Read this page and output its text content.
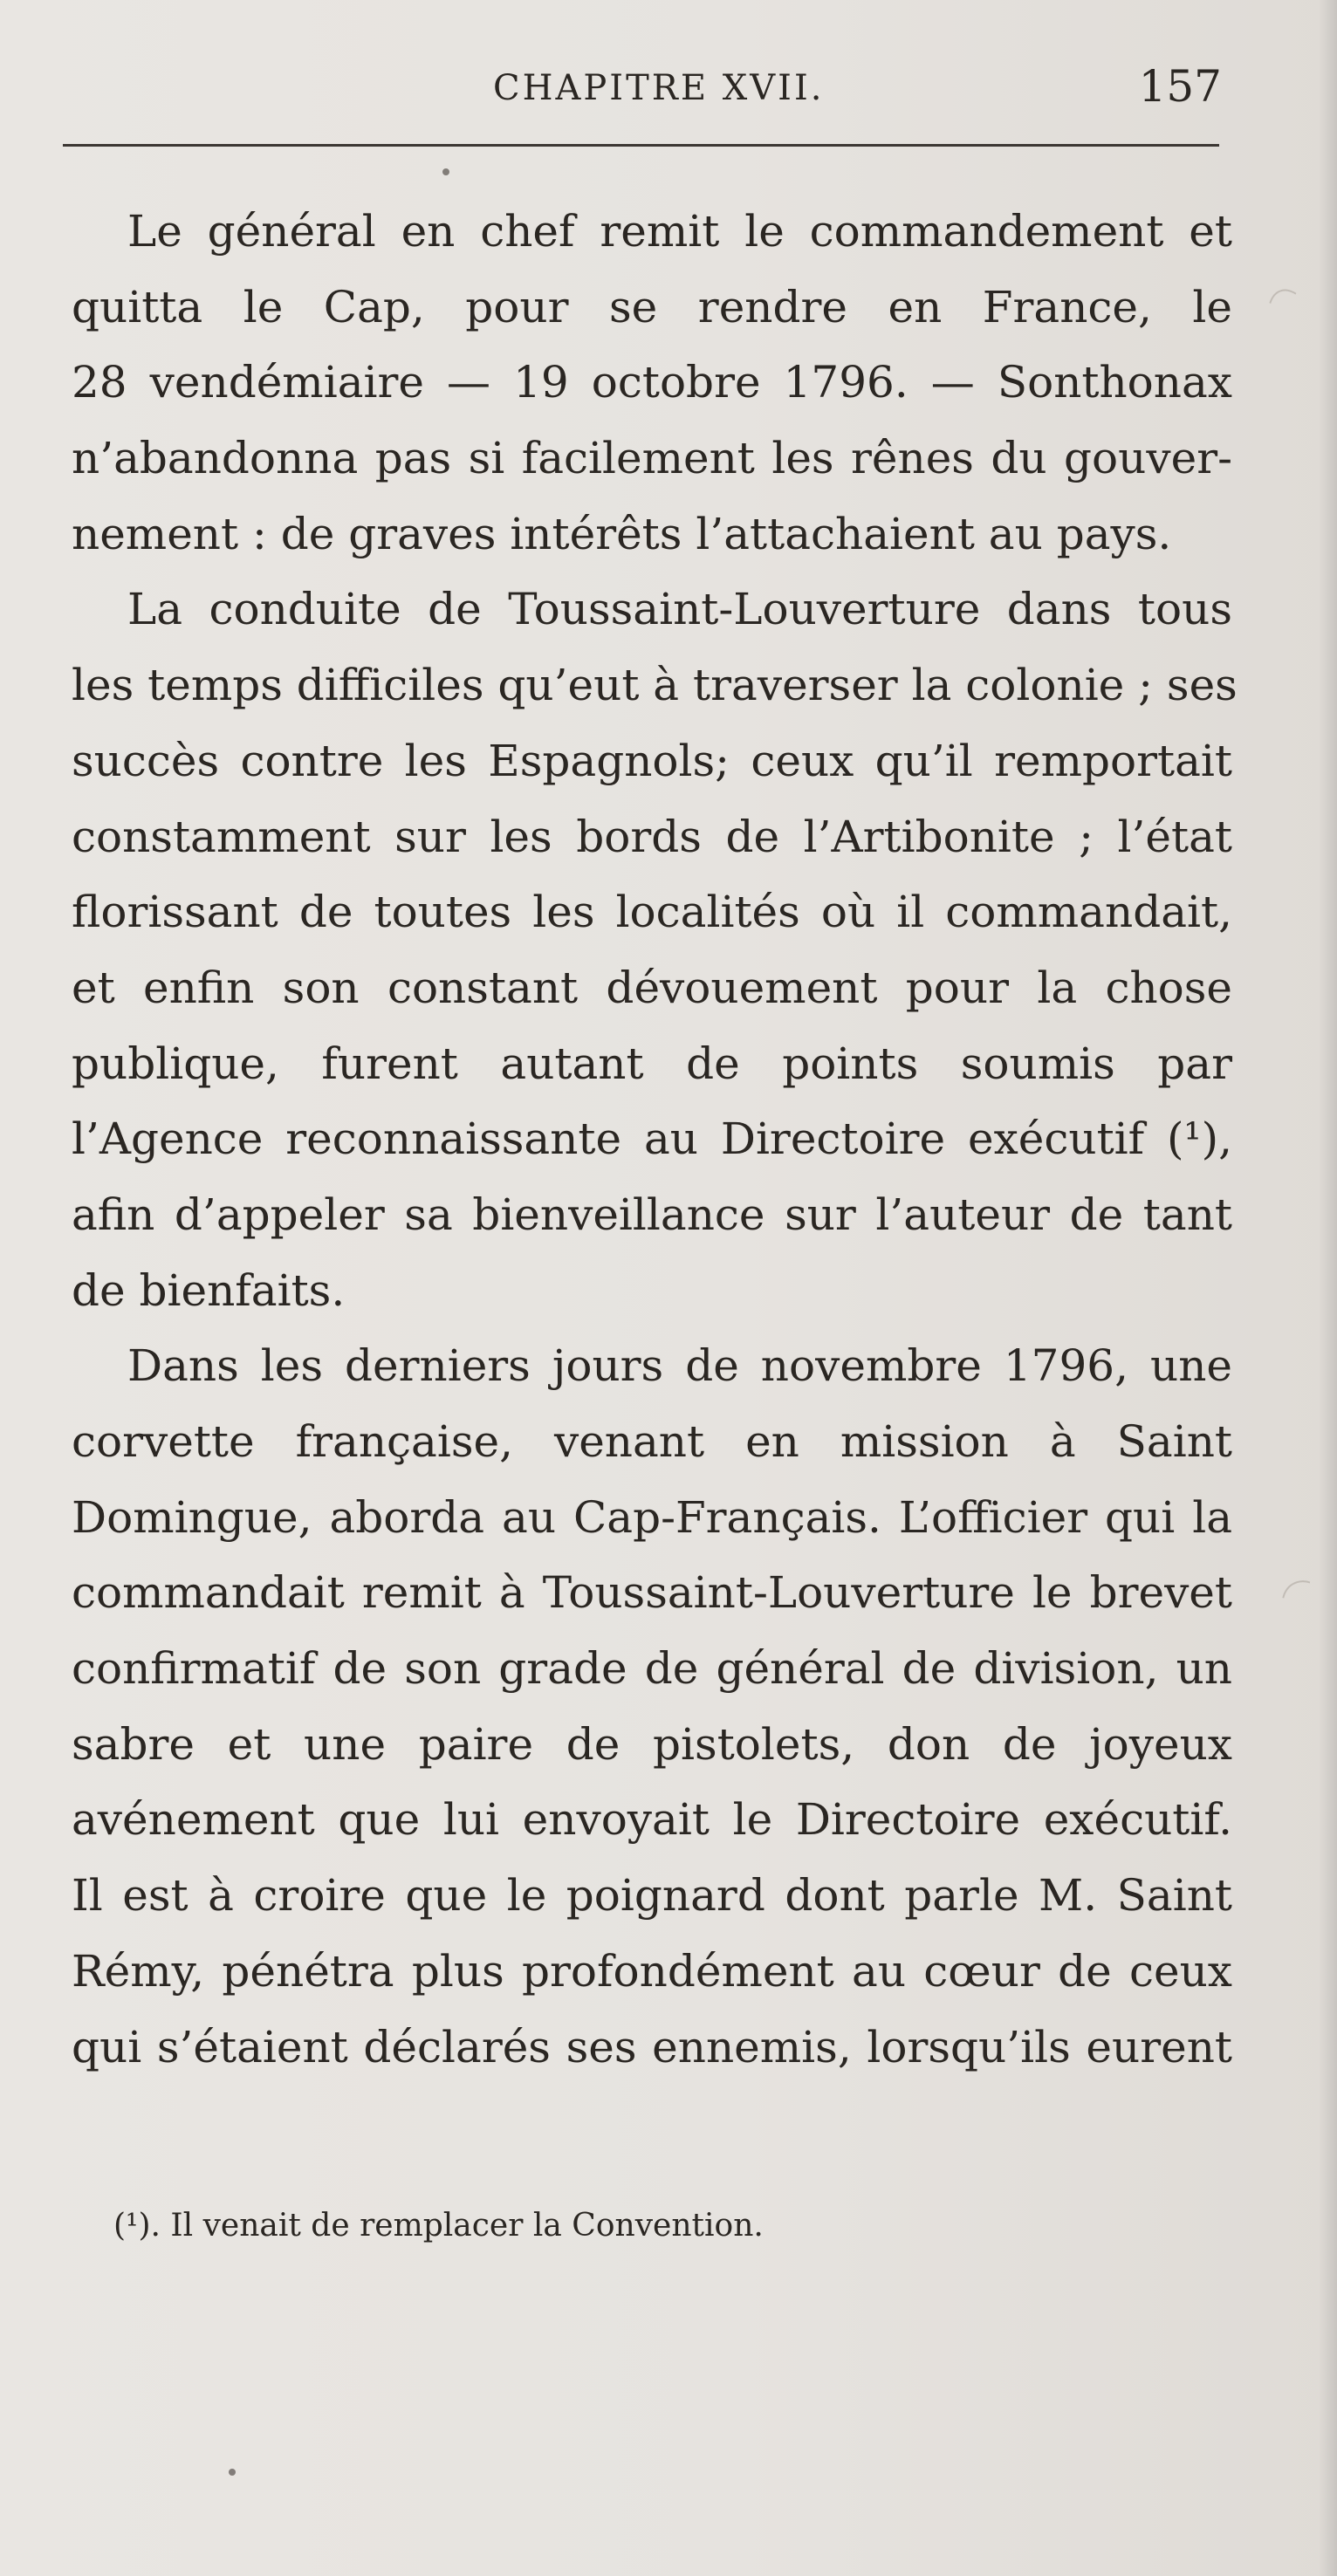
CHAPITRE XVII.	157
Le général en chef remit le commandement et
quitta le Cap, pour se rendre en France, le
28 vendémiaire — 19 octobre 1796. — Sonthonax
n’abandonna pas si facilement les rênes du gouver-
nement : de graves intérêts l’attachaient au pays.
La conduite de Toussaint-Louverture dans tous
les temps difficiles qu’eut à traverser la colonie ; ses
succès contre les Espagnols; ceux qu’il remportait
constamment sur les bords de l’Artibonite ; l’état
florissant de toutes les localités où il commandait,
et enfin son constant dévouement pour la chose
publique, furent autant de points soumis par
l’Agence reconnaissante au Directoire exécutif (¹),
afin d’appeler sa bienveillance sur l’auteur de tant
de bienfaits.
Dans les derniers jours de novembre 1796, une
corvette française, venant en mission à Saint
Domingue, aborda au Cap-Français. L’officier qui la
commandait remit à Toussaint-Louverture le brevet
confirmatif de son grade de général de division, un
sabre et une paire de pistolets, don de joyeux
avénement que lui envoyait le Directoire exécutif.
Il est à croire que le poignard dont parle M. Saint
Rémy, pénétra plus profondément au cœur de ceux
qui s’étaient déclarés ses ennemis, lorsqu’ils eurent
(¹). Il venait de remplacer la Convention.
